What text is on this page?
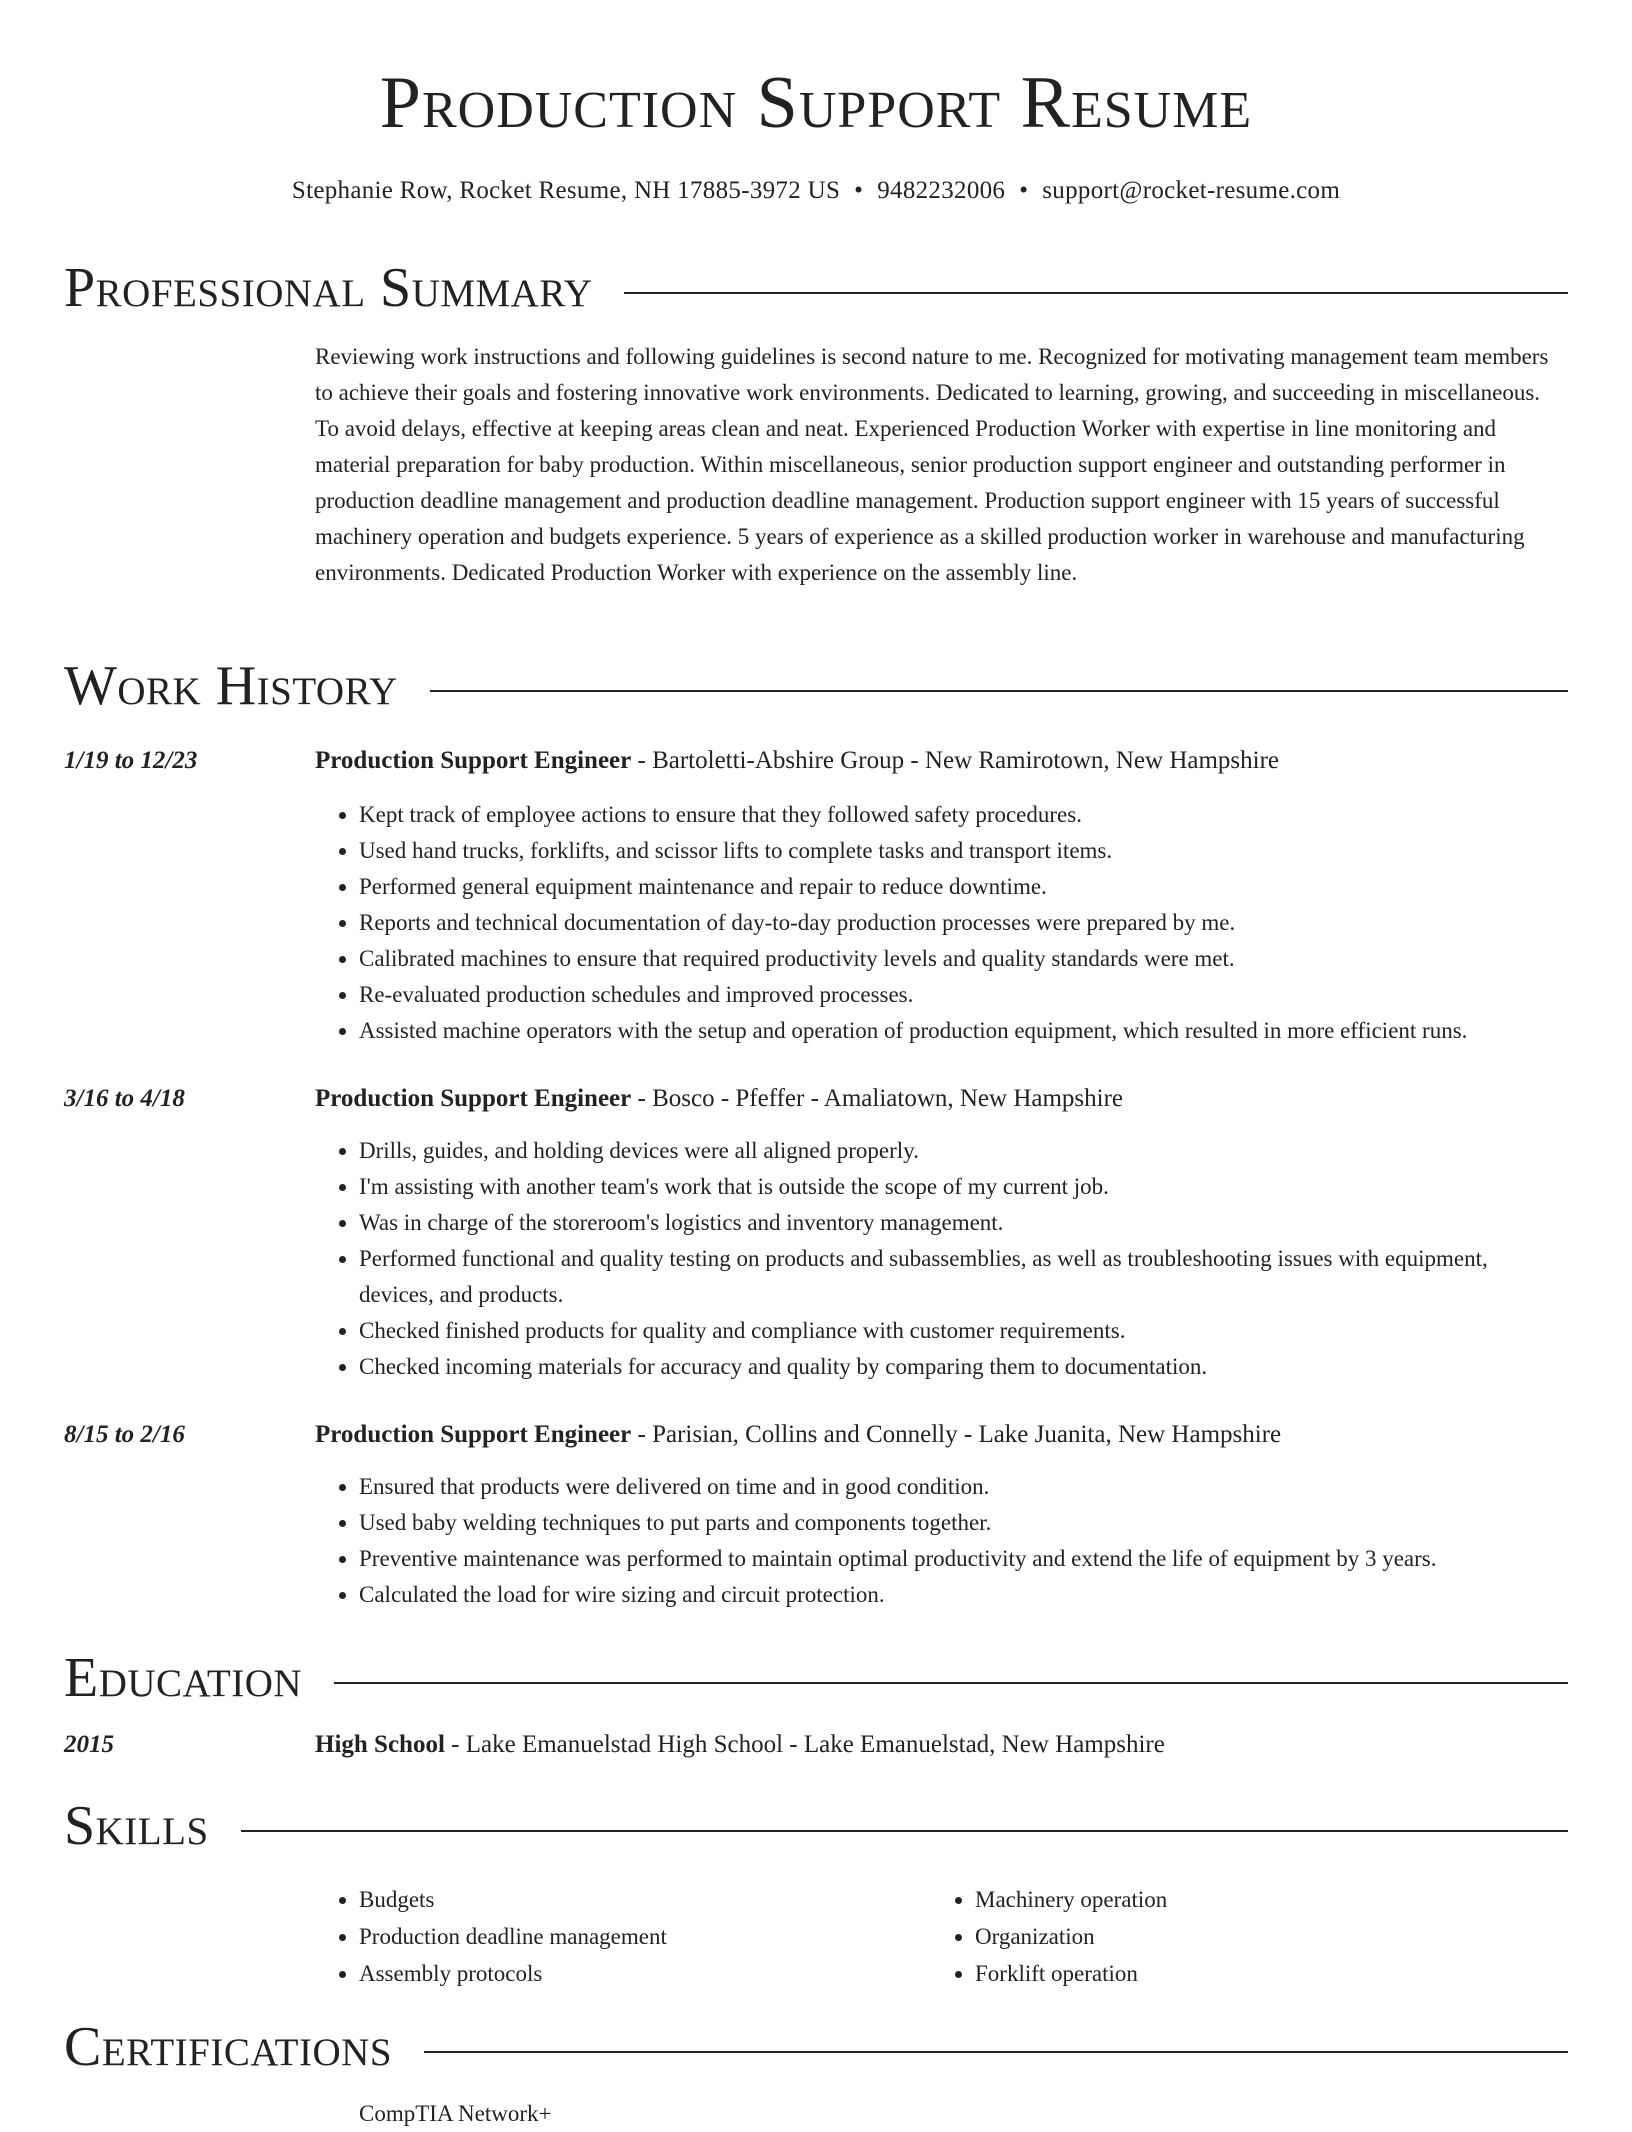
Production Support Resume
Stephanie Row, Rocket Resume, NH 17885-3972 US • 9482232006 • support@rocket-resume.com
Professional Summary
Reviewing work instructions and following guidelines is second nature to me. Recognized for motivating management team members to achieve their goals and fostering innovative work environments. Dedicated to learning, growing, and succeeding in miscellaneous. To avoid delays, effective at keeping areas clean and neat. Experienced Production Worker with expertise in line monitoring and material preparation for baby production. Within miscellaneous, senior production support engineer and outstanding performer in production deadline management and production deadline management. Production support engineer with 15 years of successful machinery operation and budgets experience. 5 years of experience as a skilled production worker in warehouse and manufacturing environments. Dedicated Production Worker with experience on the assembly line.
Work History
1/19 to 12/23	Production Support Engineer - Bartoletti-Abshire Group - New Ramirotown, New Hampshire
• Kept track of employee actions to ensure that they followed safety procedures.
• Used hand trucks, forklifts, and scissor lifts to complete tasks and transport items.
• Performed general equipment maintenance and repair to reduce downtime.
• Reports and technical documentation of day-to-day production processes were prepared by me.
• Calibrated machines to ensure that required productivity levels and quality standards were met.
• Re-evaluated production schedules and improved processes.
• Assisted machine operators with the setup and operation of production equipment, which resulted in more efficient runs.
3/16 to 4/18	Production Support Engineer - Bosco - Pfeffer - Amaliatown, New Hampshire
• Drills, guides, and holding devices were all aligned properly.
• I'm assisting with another team's work that is outside the scope of my current job.
• Was in charge of the storeroom's logistics and inventory management.
• Performed functional and quality testing on products and subassemblies, as well as troubleshooting issues with equipment, devices, and products.
• Checked finished products for quality and compliance with customer requirements.
• Checked incoming materials for accuracy and quality by comparing them to documentation.
8/15 to 2/16	Production Support Engineer - Parisian, Collins and Connelly - Lake Juanita, New Hampshire
• Ensured that products were delivered on time and in good condition.
• Used baby welding techniques to put parts and components together.
• Preventive maintenance was performed to maintain optimal productivity and extend the life of equipment by 3 years.
• Calculated the load for wire sizing and circuit protection.
Education
2015	High School - Lake Emanuelstad High School - Lake Emanuelstad, New Hampshire
Skills
• Budgets
• Production deadline management
• Assembly protocols
• Machinery operation
• Organization
• Forklift operation
Certifications
CompTIA Network+
